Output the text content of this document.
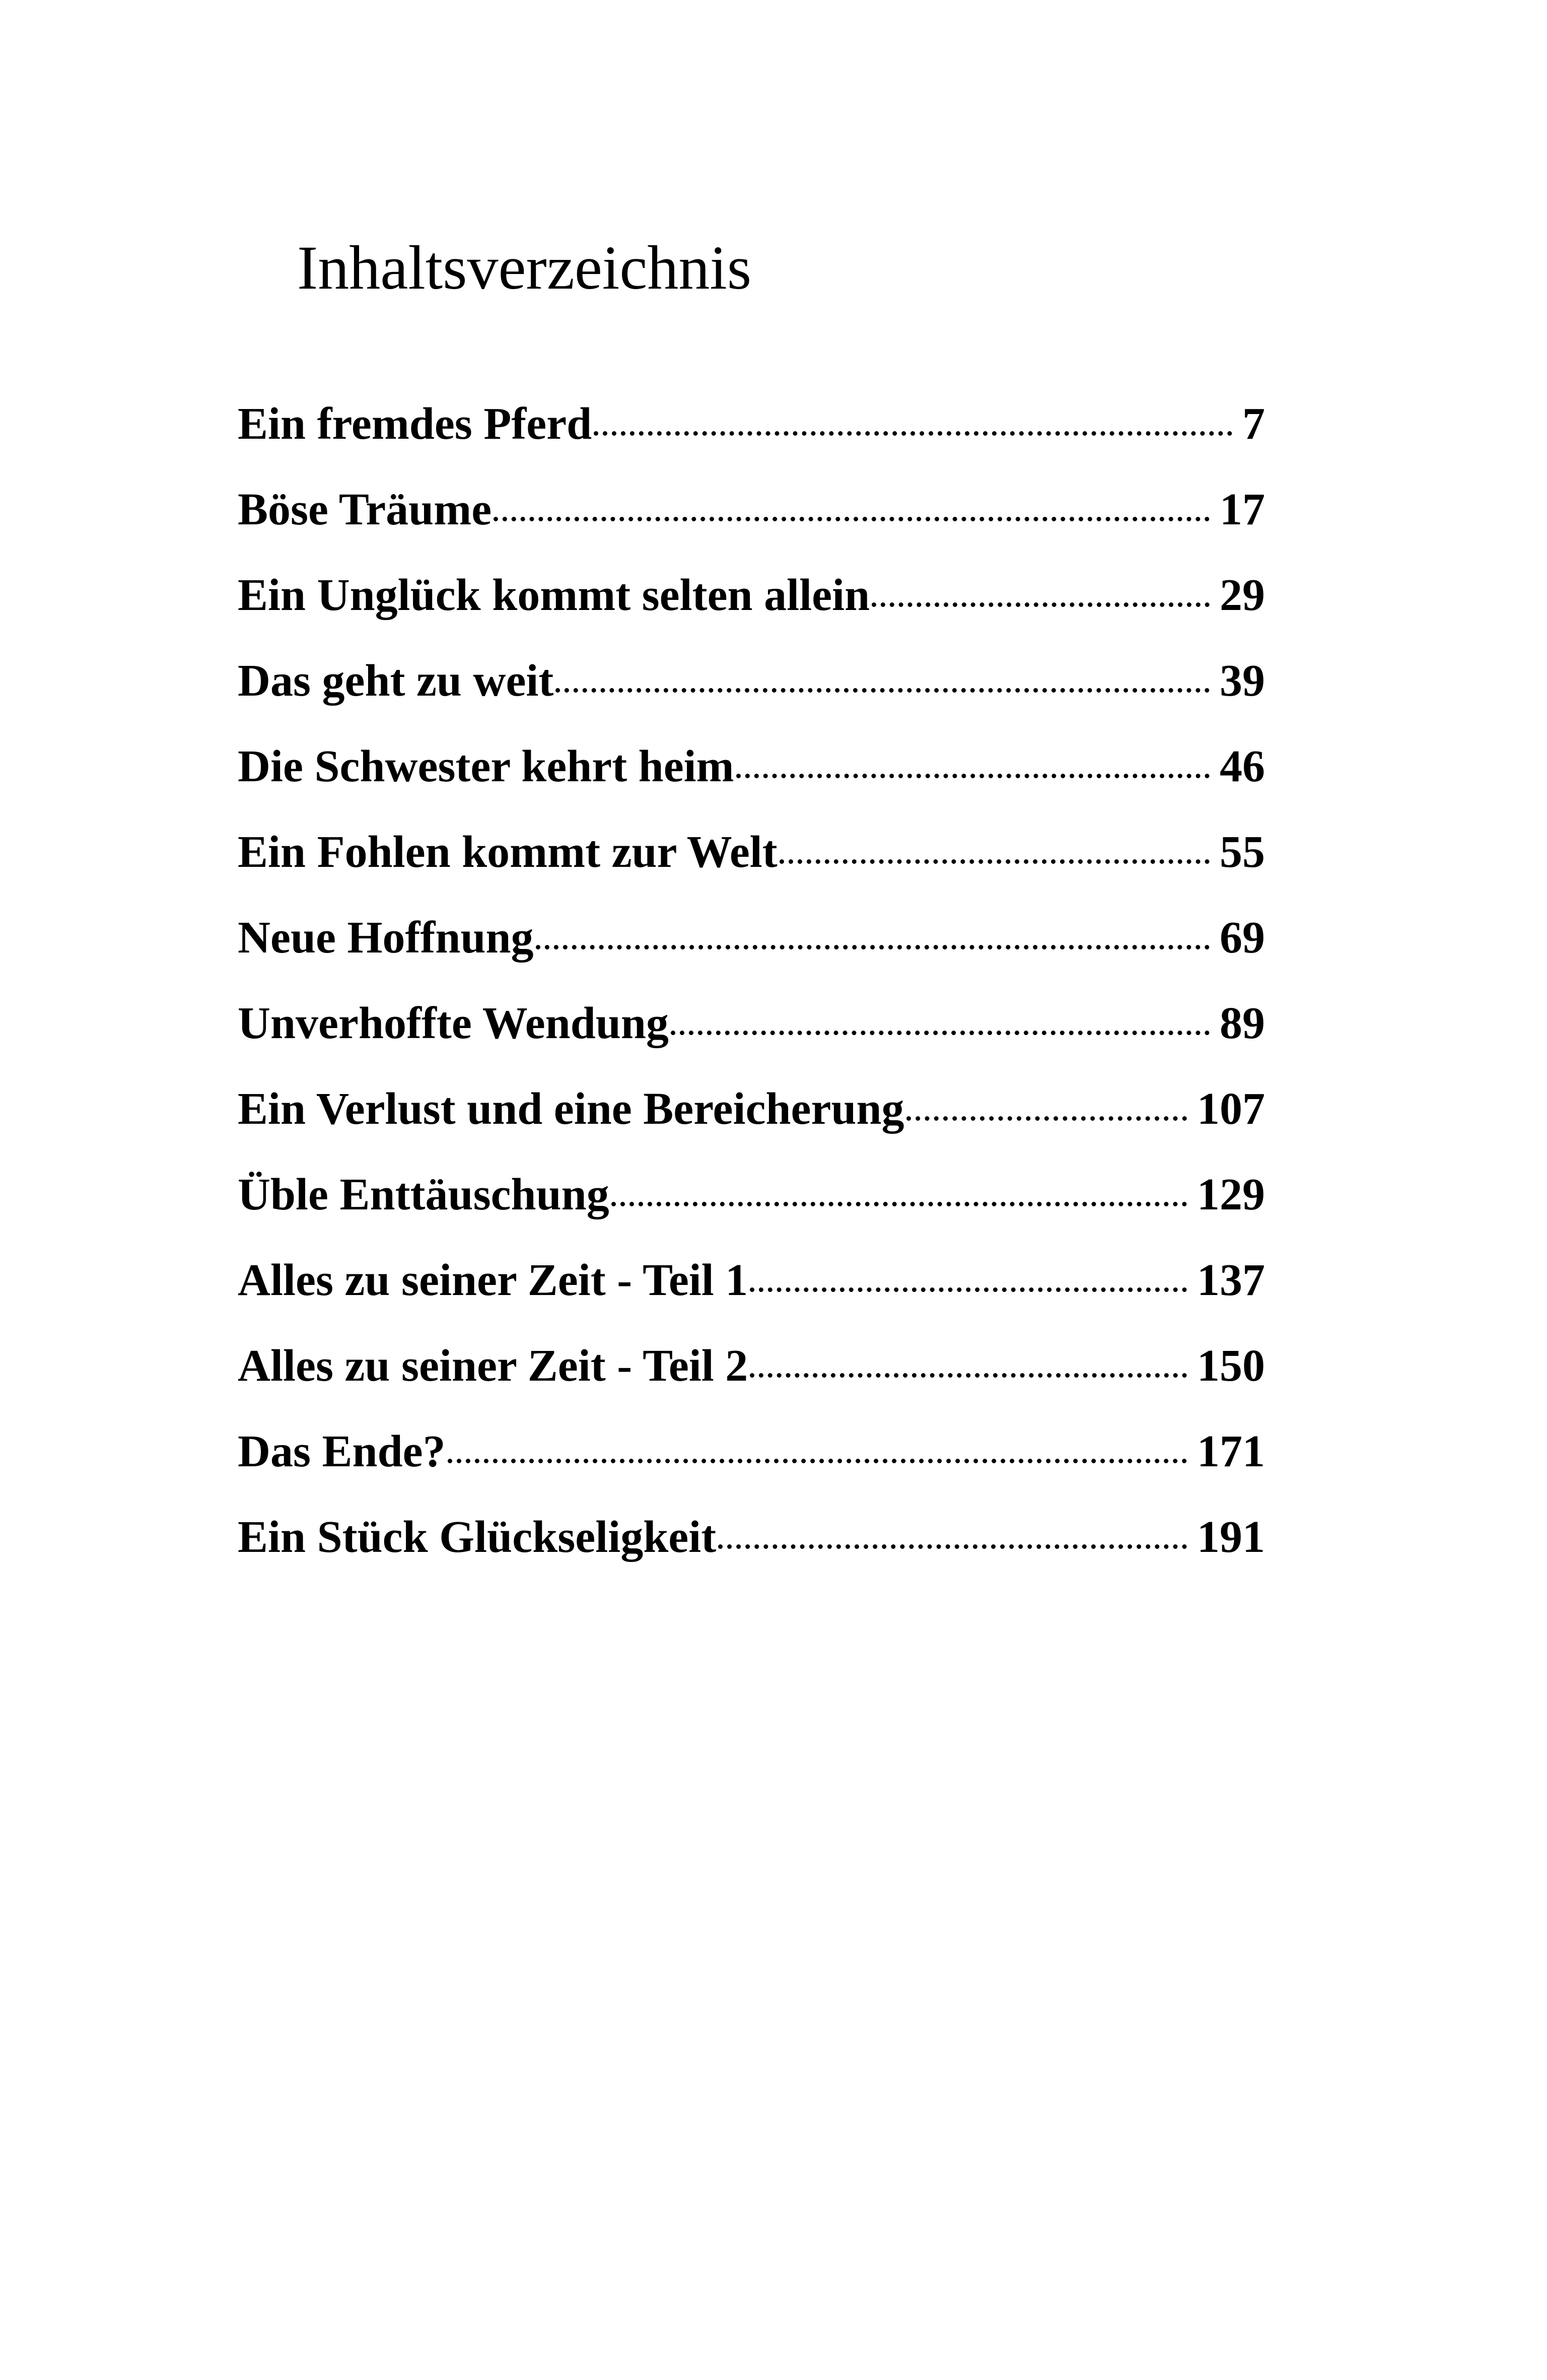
Inhaltsverzeichnis
Ein fremdes Pferd	7
Böse Träume	17
Ein Unglück kommt selten allein	29
Das geht zu weit	39
Die Schwester kehrt heim	46
Ein Fohlen kommt zur Welt	55
Neue Hoffnung	69
Unverhoffte Wendung	89
Ein Verlust und eine Bereicherung	107
Üble Enttäuschung	129
Alles zu seiner Zeit - Teil 1	137
Alles zu seiner Zeit - Teil 2	150
Das Ende?	171
Ein Stück Glückseligkeit	191
